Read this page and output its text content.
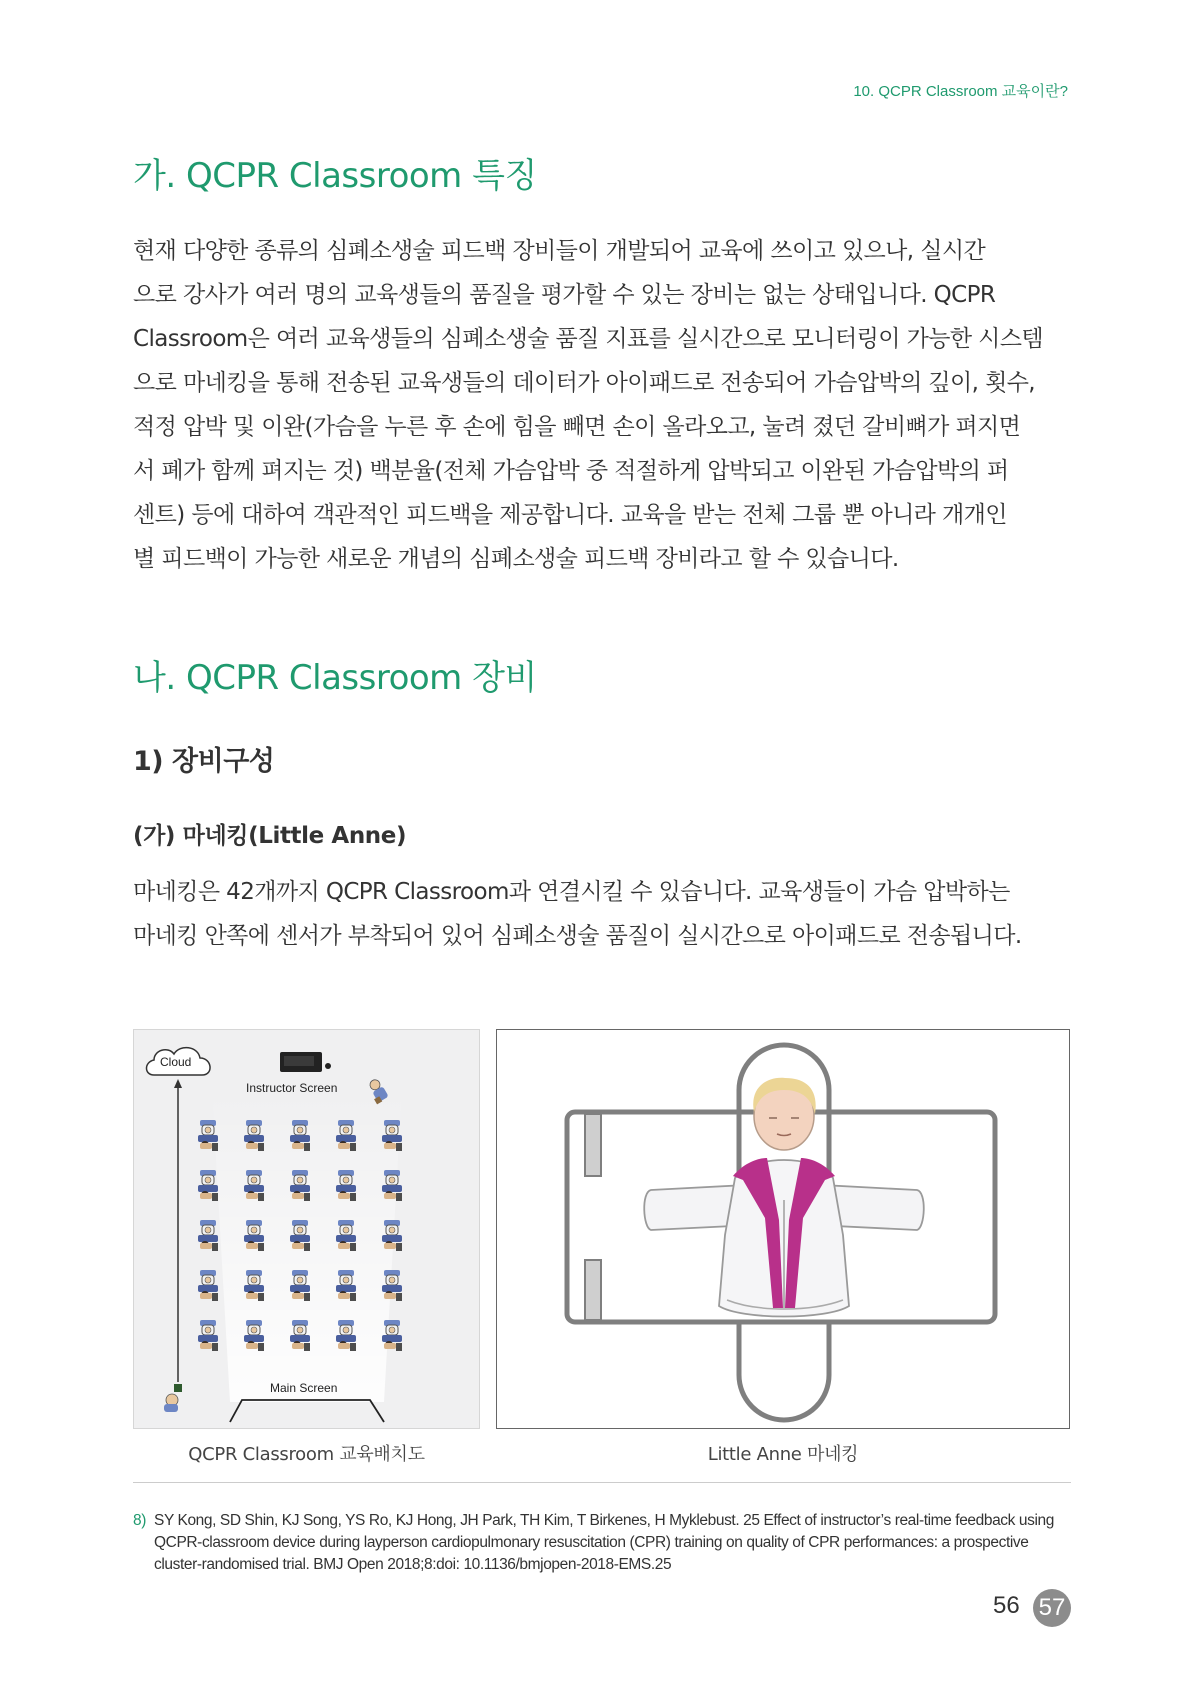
10. QCPR Classroom 교육이란?
가. QCPR Classroom 특징
현재 다양한 종류의 심폐소생술 피드백 장비들이 개발되어 교육에 쓰이고 있으나, 실시간
으로 강사가 여러 명의 교육생들의 품질을 평가할 수 있는 장비는 없는 상태입니다. QCPR
Classroom은 여러 교육생들의 심폐소생술 품질 지표를 실시간으로 모니터링이 가능한 시스템
으로 마네킹을 통해 전송된 교육생들의 데이터가 아이패드로 전송되어 가슴압박의 깊이, 횟수,
적정 압박 및 이완(가슴을 누른 후 손에 힘을 빼면 손이 올라오고, 눌려 졌던 갈비뼈가 펴지면
서 폐가 함께 펴지는 것) 백분율(전체 가슴압박 중 적절하게 압박되고 이완된 가슴압박의 퍼
센트) 등에 대하여 객관적인 피드백을 제공합니다. 교육을 받는 전체 그룹 뿐 아니라 개개인
별 피드백이 가능한 새로운 개념의 심폐소생술 피드백 장비라고 할 수 있습니다.
나. QCPR Classroom 장비
1) 장비구성
(가) 마네킹(Little Anne)
마네킹은 42개까지 QCPR Classroom과 연결시킬 수 있습니다. 교육생들이 가슴 압박하는
마네킹 안쪽에 센서가 부착되어 있어 심폐소생술 품질이 실시간으로 아이패드로 전송됩니다.
Cloud
Instructor Screen
Main Screen
QCPR Classroom 교육배치도	Little Anne 마네킹
8) SY Kong, SD Shin, KJ Song, YS Ro, KJ Hong, JH Park, TH Kim, T Birkenes, H Myklebust. 25 Effect of instructor’s real-time feedback using QCPR-classroom device during layperson cardiopulmonary resuscitation (CPR) training on quality of CPR performances: a prospective cluster-randomised trial. BMJ Open 2018;8:doi: 10.1136/bmjopen-2018-EMS.25
56 57
